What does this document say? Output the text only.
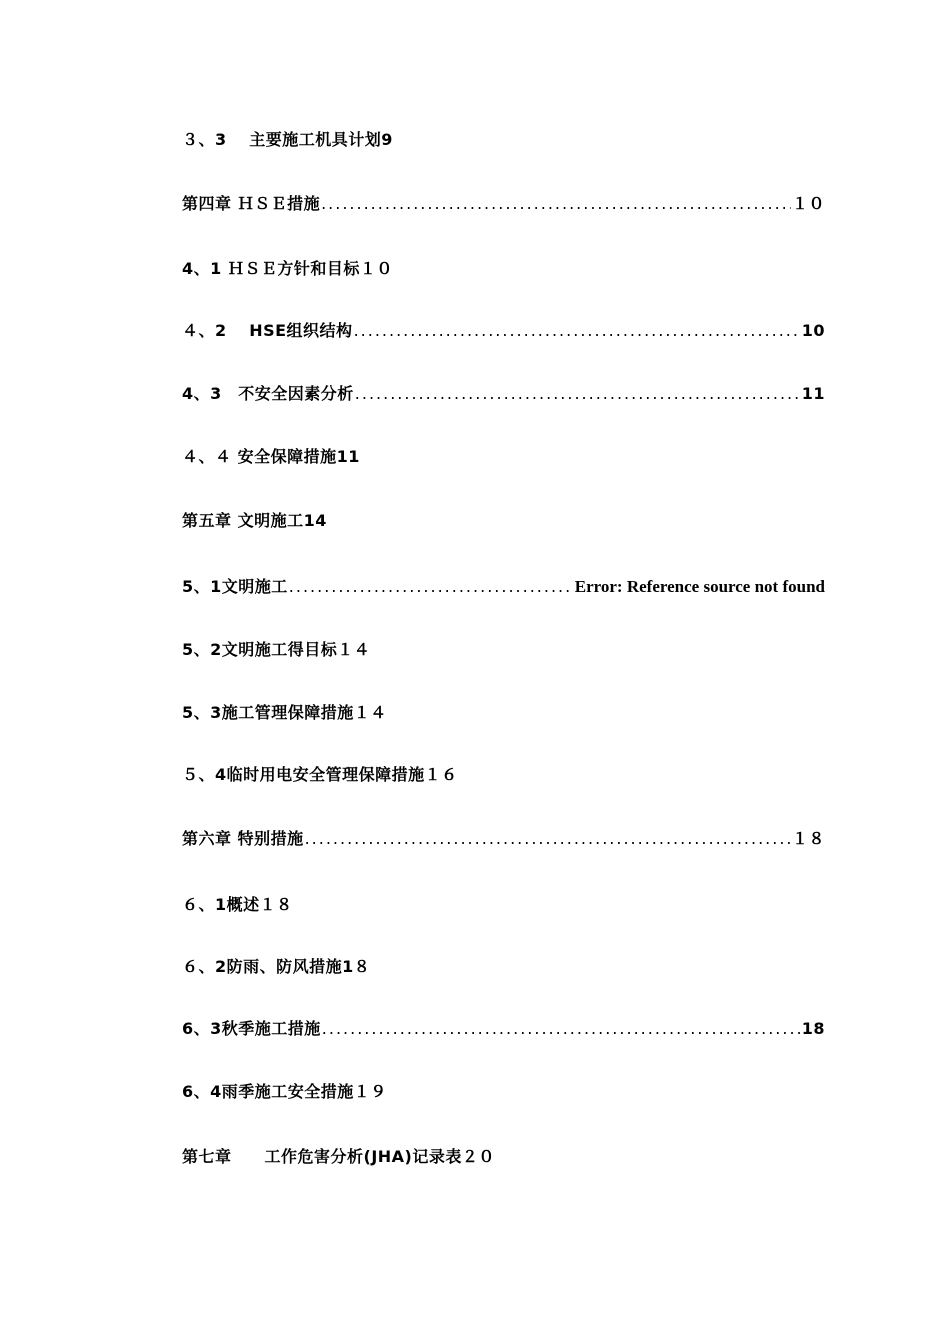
３、3　 主要施工机具计划9
第四章 ＨＳＥ措施 .....	１０
4、1 ＨＳＥ方针和目标１０
４、2　 HSE组织结构 .....	10
4、3　不安全因素分析 .....	11
４、４ 安全保障措施11
第五章 文明施工14
5、1文明施工 .....	Error: Reference source not found
5、2文明施工得目标１４
5、3施工管理保障措施１４
５、4临时用电安全管理保障措施１６
第六章 特别措施 .....	１８
６、1概述１８
６、2防雨、防风措施1８
6、3秋季施工措施 .....	18
6、4雨季施工安全措施１９
第七章　　工作危害分析(JHA)记录表２０
